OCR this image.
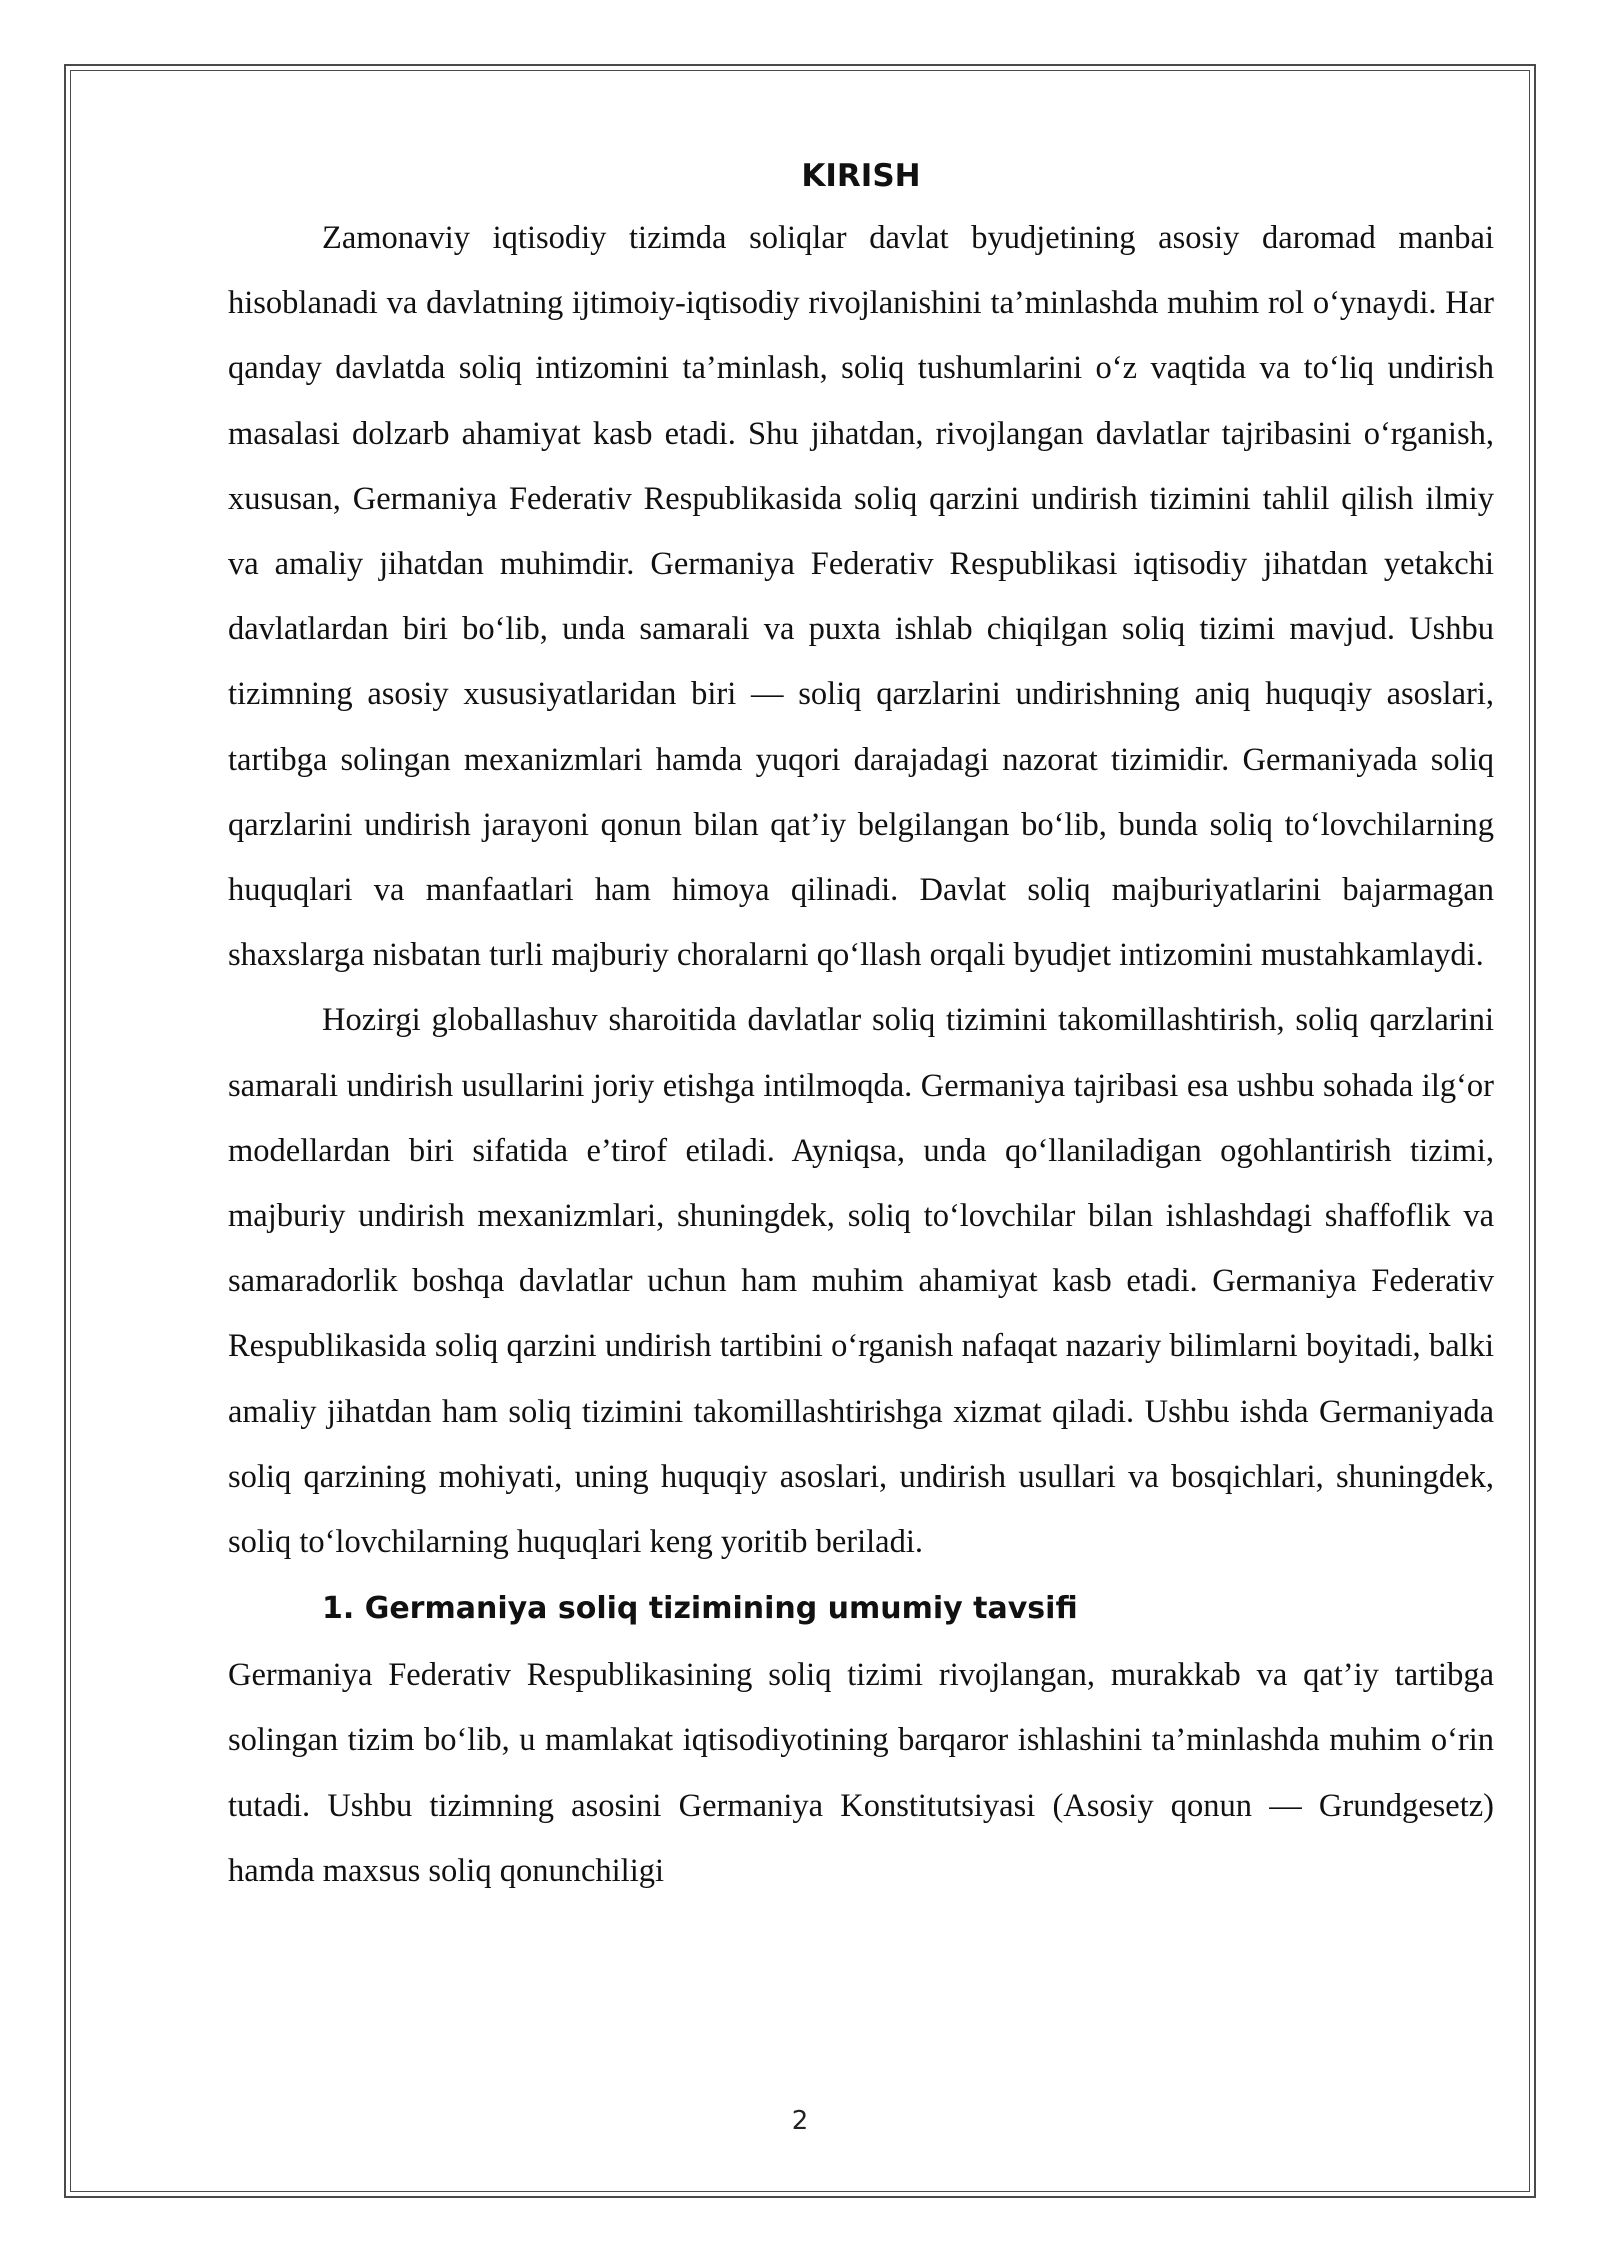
KIRISH

Zamonaviy iqtisodiy tizimda soliqlar davlat byudjetining asosiy daromad manbai hisoblanadi va davlatning ijtimoiy-iqtisodiy rivojlanishini ta’minlashda muhim rol o‘ynaydi. Har qanday davlatda soliq intizomini ta’minlash, soliq tushumlarini o‘z vaqtida va to‘liq undirish masalasi dolzarb ahamiyat kasb etadi. Shu jihatdan, rivojlangan davlatlar tajribasini o‘rganish, xususan, Germaniya Federativ Respublikasida soliq qarzini undirish tizimini tahlil qilish ilmiy va amaliy jihatdan muhimdir. Germaniya Federativ Respublikasi iqtisodiy jihatdan yetakchi davlatlardan biri bo‘lib, unda samarali va puxta ishlab chiqilgan soliq tizimi mavjud. Ushbu tizimning asosiy xususiyatlaridan biri — soliq qarzlarini undirishning aniq huquqiy asoslari, tartibga solingan mexanizmlari hamda yuqori darajadagi nazorat tizimidir. Germaniyada soliq qarzlarini undirish jarayoni qonun bilan qat’iy belgilangan bo‘lib, bunda soliq to‘lovchilarning huquqlari va manfaatlari ham himoya qilinadi. Davlat soliq majburiyatlarini bajarmagan shaxslarga nisbatan turli majburiy choralarni qo‘llash orqali byudjet intizomini mustahkamlaydi.

Hozirgi globallashuv sharoitida davlatlar soliq tizimini takomillashtirish, soliq qarzlarini samarali undirish usullarini joriy etishga intilmoqda. Germaniya tajribasi esa ushbu sohada ilg‘or modellardan biri sifatida e’tirof etiladi. Ayniqsa, unda qo‘llaniladigan ogohlantirish tizimi, majburiy undirish mexanizmlari, shuningdek, soliq to‘lovchilar bilan ishlashdagi shaffoflik va samaradorlik boshqa davlatlar uchun ham muhim ahamiyat kasb etadi. Germaniya Federativ Respublikasida soliq qarzini undirish tartibini o‘rganish nafaqat nazariy bilimlarni boyitadi, balki amaliy jihatdan ham soliq tizimini takomillashtirishga xizmat qiladi. Ushbu ishda Germaniyada soliq qarzining mohiyati, uning huquqiy asoslari, undirish usullari va bosqichlari, shuningdek, soliq to‘lovchilarning huquqlari keng yoritib beriladi.

1. Germaniya soliq tizimining umumiy tavsifi

Germaniya Federativ Respublikasining soliq tizimi rivojlangan, murakkab va qat’iy tartibga solingan tizim bo‘lib, u mamlakat iqtisodiyotining barqaror ishlashini ta’minlashda muhim o‘rin tutadi. Ushbu tizimning asosini Germaniya Konstitutsiyasi (Asosiy qonun — Grundgesetz) hamda maxsus soliq qonunchiligi

2
